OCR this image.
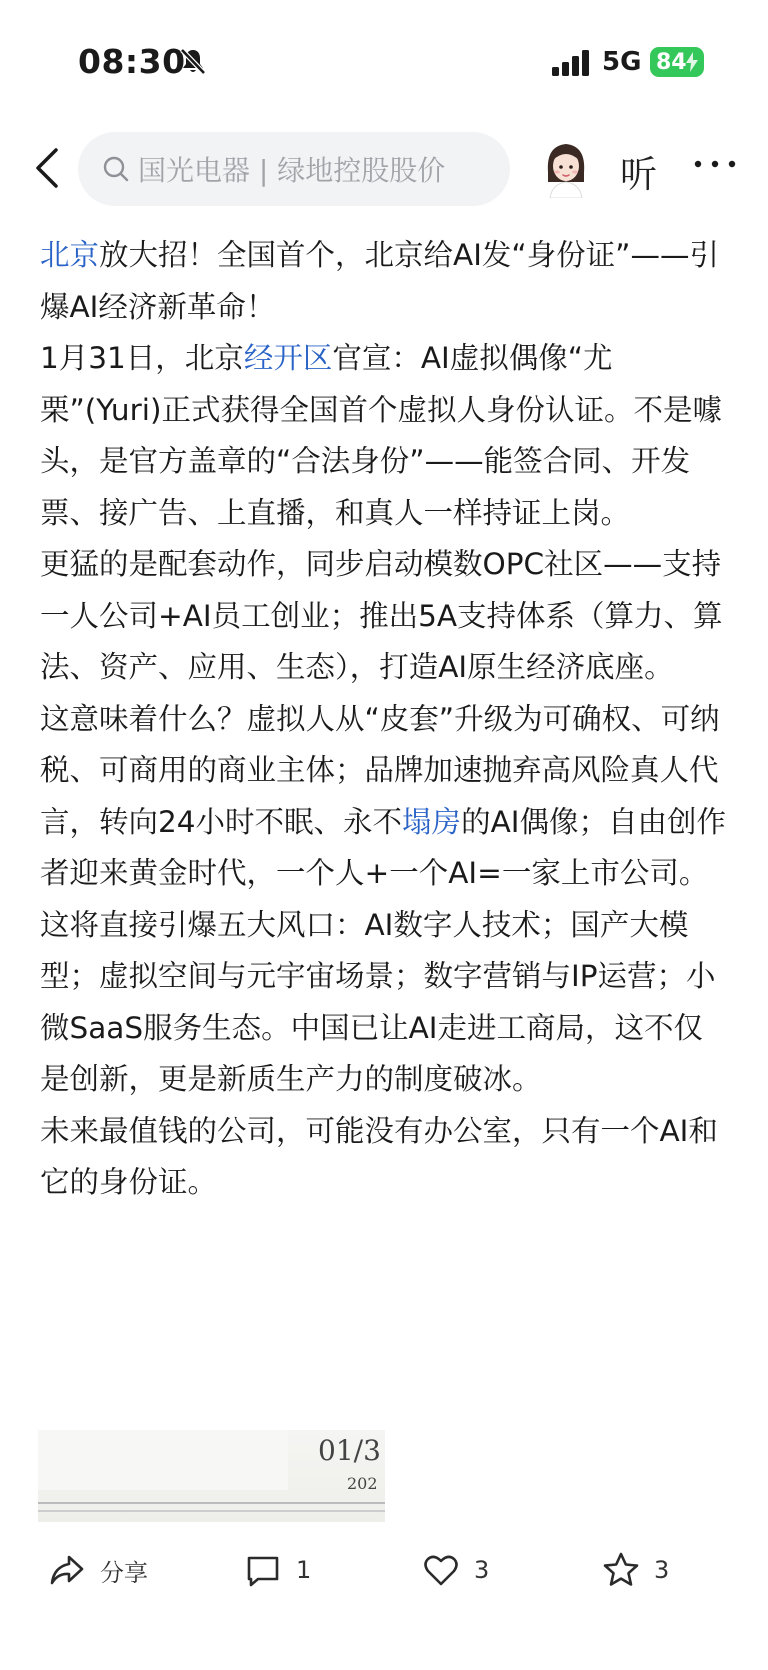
08:30	5G 84
国光电器 | 绿地控股股价	听

北京放大招！全国首个，北京给AI发“身份证”——引爆AI经济新革命！

1月31日，北京经开区官宣：AI虚拟偶像“尤栗”(Yuri)正式获得全国首个虚拟人身份认证。不是噱头，是官方盖章的“合法身份”——能签合同、开发票、接广告、上直播，和真人一样持证上岗。

更猛的是配套动作，同步启动模数OPC社区——支持一人公司+AI员工创业；推出5A支持体系（算力、算法、资产、应用、生态），打造AI原生经济底座。

这意味着什么？虚拟人从“皮套”升级为可确权、可纳税、可商用的商业主体；品牌加速抛弃高风险真人代言，转向24小时不眠、永不塌房的AI偶像；自由创作者迎来黄金时代，一个人+一个AI=一家上市公司。

这将直接引爆五大风口：AI数字人技术；国产大模型；虚拟空间与元宇宙场景；数字营销与IP运营；小微SaaS服务生态。中国已让AI走进工商局，这不仅是创新，更是新质生产力的制度破冰。

未来最值钱的公司，可能没有办公室，只有一个AI和它的身份证。

01/3
202
分享	1	3	3
